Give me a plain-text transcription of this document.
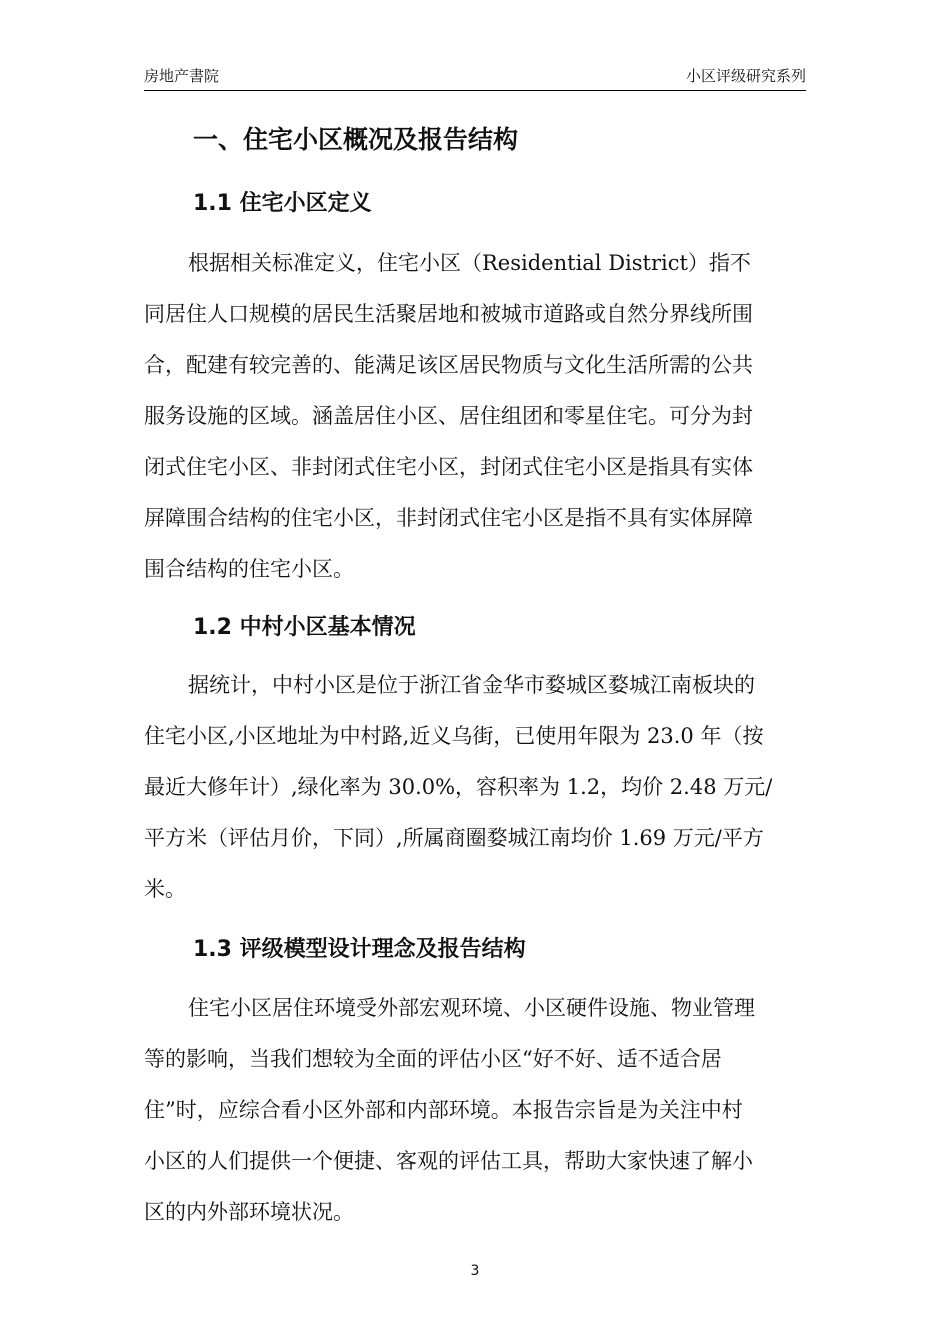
房地产書院	小区评级研究系列
一、住宅小区概况及报告结构
1.1 住宅小区定义
根据相关标准定义，住宅小区（Residential District）指不
同居住人口规模的居民生活聚居地和被城市道路或自然分界线所围
合，配建有较完善的、能满足该区居民物质与文化生活所需的公共
服务设施的区域。涵盖居住小区、居住组团和零星住宅。可分为封
闭式住宅小区、非封闭式住宅小区，封闭式住宅小区是指具有实体
屏障围合结构的住宅小区，非封闭式住宅小区是指不具有实体屏障
围合结构的住宅小区。
1.2 中村小区基本情况
据统计，中村小区是位于浙江省金华市婺城区婺城江南板块的
住宅小区,小区地址为中村路,近义乌街，已使用年限为 23.0 年（按
最近大修年计）,绿化率为 30.0%，容积率为 1.2，均价 2.48 万元/
平方米（评估月价，下同）,所属商圈婺城江南均价 1.69 万元/平方
米。
1.3 评级模型设计理念及报告结构
住宅小区居住环境受外部宏观环境、小区硬件设施、物业管理
等的影响，当我们想较为全面的评估小区“好不好、适不适合居
住”时，应综合看小区外部和内部环境。本报告宗旨是为关注中村
小区的人们提供一个便捷、客观的评估工具，帮助大家快速了解小
区的内外部环境状况。
3
